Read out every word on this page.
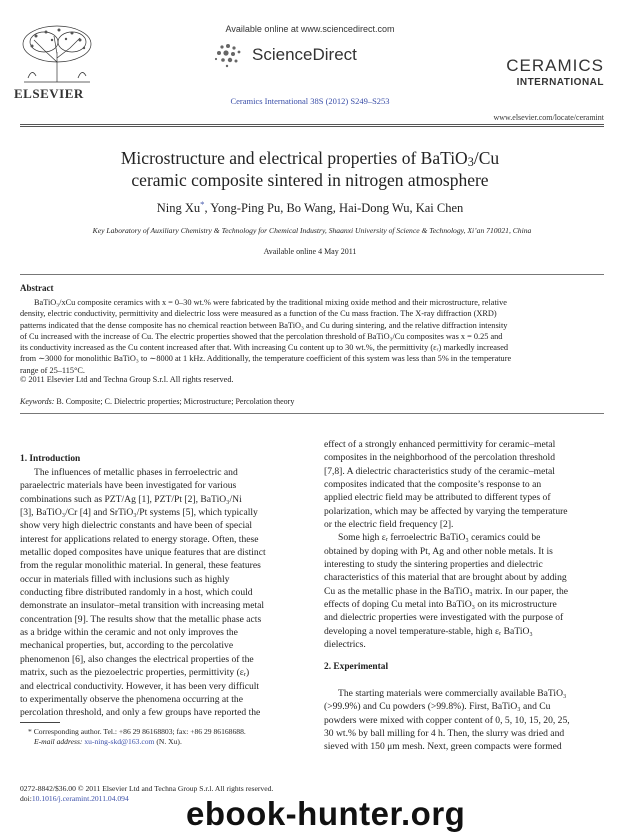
ELSEVIER
Available online at www.sciencedirect.com
ScienceDirect
Ceramics International 38S (2012) S249–S253
CERAMICS
INTERNATIONAL
www.elsevier.com/locate/ceramint
Microstructure and electrical properties of BaTiO$_3$/Cu
ceramic composite sintered in nitrogen atmosphere
Ning Xu*, Yong-Ping Pu, Bo Wang, Hai-Dong Wu, Kai Chen
Key Laboratory of Auxiliary Chemistry & Technology for Chemical Industry, Shaanxi University of Science & Technology, Xi’an 710021, China
Available online 4 May 2011
Abstract

BaTiO₃/xCu composite ceramics with x = 0–30 wt.% were fabricated by the traditional mixing oxide method and their microstructure, relative

density, electric conductivity, permittivity and dielectric loss were measured as a function of the Cu mass fraction. The X-ray diffraction (XRD)
patterns indicated that the dense composite has no chemical reaction between BaTiO₃ and Cu during sintering, and the relative diffraction intensity
of Cu increased with the increase of Cu. The electric properties showed that the percolation threshold of BaTiO₃/Cu composites was x = 0.25 and
its conductivity increased as the Cu content increased after that. With increasing Cu content up to 30 wt.%, the permittivity (εᵣ) markedly increased
from ∼3000 for monolithic BaTiO₃ to ∼8000 at 1 kHz. Additionally, the temperature coefficient of this system was less than 5% in the temperature
range of 25–115°C.
© 2011 Elsevier Ltd and Techna Group S.r.l. All rights reserved.
Keywords: B. Composite; C. Dielectric properties; Microstructure; Percolation theory
1. Introduction

The influences of metallic phases in ferroelectric and

paraelectric materials have been investigated for various
combinations such as PZT/Ag [1], PZT/Pt [2], BaTiO₃/Ni
[3], BaTiO₃/Cr [4] and SrTiO₃/Pt systems [5], which typically
show very high dielectric constants and have been of special
interest for applications related to energy storage. Often, these
metallic doped composites have unique features that are distinct
from the regular monolithic material. In general, these features
occur in materials filled with inclusions such as highly
conducting fibre distributed randomly in a host, which could
demonstrate an insulator–metal transition with increasing metal
concentration [9]. The results show that the metallic phase acts
as a bridge within the ceramic and not only improves the
mechanical properties, but, according to the percolative
phenomenon [6], also changes the electrical properties of the
matrix, such as the piezoelectric properties, permittivity (εᵣ)
and electrical conductivity. However, it has been very difficult
to experimentally observe the phenomena occurring at the
percolation threshold, and only a few groups have reported the
effect of a strongly enhanced permittivity for ceramic–metal
composites in the neighborhood of the percolation threshold
[7,8]. A dielectric characteristics study of the ceramic–metal
composites indicated that the composite’s response to an
applied electric field may be attributed to different types of
polarization, which may be affected by varying the temperature
or the electric field frequency [2].

Some high εᵣ ferroelectric BaTiO₃ ceramics could be

obtained by doping with Pt, Ag and other noble metals. It is
interesting to study the sintering properties and dielectric
characteristics of this material that are brought about by adding
Cu as the metallic phase in the BaTiO₃ matrix. In our paper, the
effects of doping Cu metal into BaTiO₃ on its microstructure
and dielectric properties were investigated with the purpose of
developing a novel temperature-stable, high εᵣ BaTiO₃
dielectrics.
2. Experimental

The starting materials were commercially available BaTiO₃

(>99.9%) and Cu powders (>99.8%). First, BaTiO₃ and Cu
powders were mixed with copper content of 0, 5, 10, 15, 20, 25,
30 wt.% by ball milling for 4 h. Then, the slurry was dried and
sieved with 150 μm mesh. Next, green compacts were formed
* Corresponding author. Tel.: +86 29 86168803; fax: +86 29 86168688.
E-mail address: xu-ning-skd@163.com (N. Xu).
0272-8842/$36.00 © 2011 Elsevier Ltd and Techna Group S.r.l. All rights reserved.
doi:10.1016/j.ceramint.2011.04.094	ebook-hunter.org
